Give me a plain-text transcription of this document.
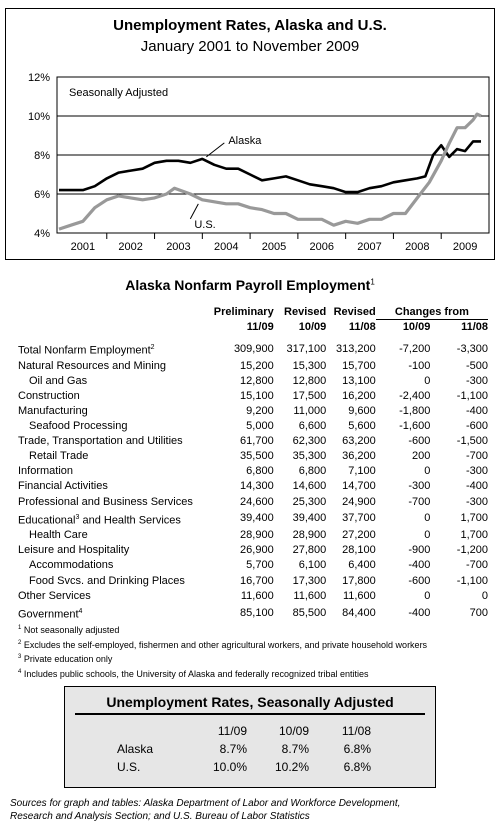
Unemployment Rates, Alaska and U.S.
January 2001 to November 2009
4%
6%
8%
10%
12%
2001 2002 2003 2004 2005 2006 2007 2008 2009
Alaska
U.S.
Seasonally Adjusted
Alaska Nonfarm Payroll Employment$^1$
	Preliminary	Revised	Revised	Changes from	
	11/09	10/09	11/08	10/09	11/08

Total Nonfarm Employment$^2$	309,900	317,100	313,200	-7,200	-3,300
Natural Resources and Mining	15,200	15,300	15,700	-100	-500
Oil and Gas	12,800	12,800	13,100	0	-300
Construction	15,100	17,500	16,200	-2,400	-1,100
Manufacturing	9,200	11,000	9,600	-1,800	-400
Seafood Processing	5,000	6,600	5,600	-1,600	-600
Trade, Transportation and Utilities	61,700	62,300	63,200	-600	-1,500
Retail Trade	35,500	35,300	36,200	200	-700
Information	6,800	6,800	7,100	0	-300
Financial Activities	14,300	14,600	14,700	-300	-400
Professional and Business Services	24,600	25,300	24,900	-700	-300
Educational$^3$ and Health Services	39,400	39,400	37,700	0	1,700
Health Care	28,900	28,900	27,200	0	1,700
Leisure and Hospitality	26,900	27,800	28,100	-900	-1,200
Accommodations	5,700	6,100	6,400	-400	-700
Food Svcs. and Drinking Places	16,700	17,300	17,800	-600	-1,100
Other Services	11,600	11,600	11,600	0	0
Government$^4$	85,100	85,500	84,400	-400	700
$^1$ Not seasonally adjusted
$^2$ Excludes the self-employed, fishermen and other agricultural workers, and private household workers
$^3$ Private education only
$^4$ Includes public schools, the University of Alaska and federally recognized tribal entities
Unemployment Rates, Seasonally Adjusted
	11/09	10/09	11/08
Alaska	8.7%	8.7%	6.8%
U.S.	10.0%	10.2%	6.8%
Sources for graph and tables: Alaska Department of Labor and Workforce Development,
Research and Analysis Section; and U.S. Bureau of Labor Statistics
